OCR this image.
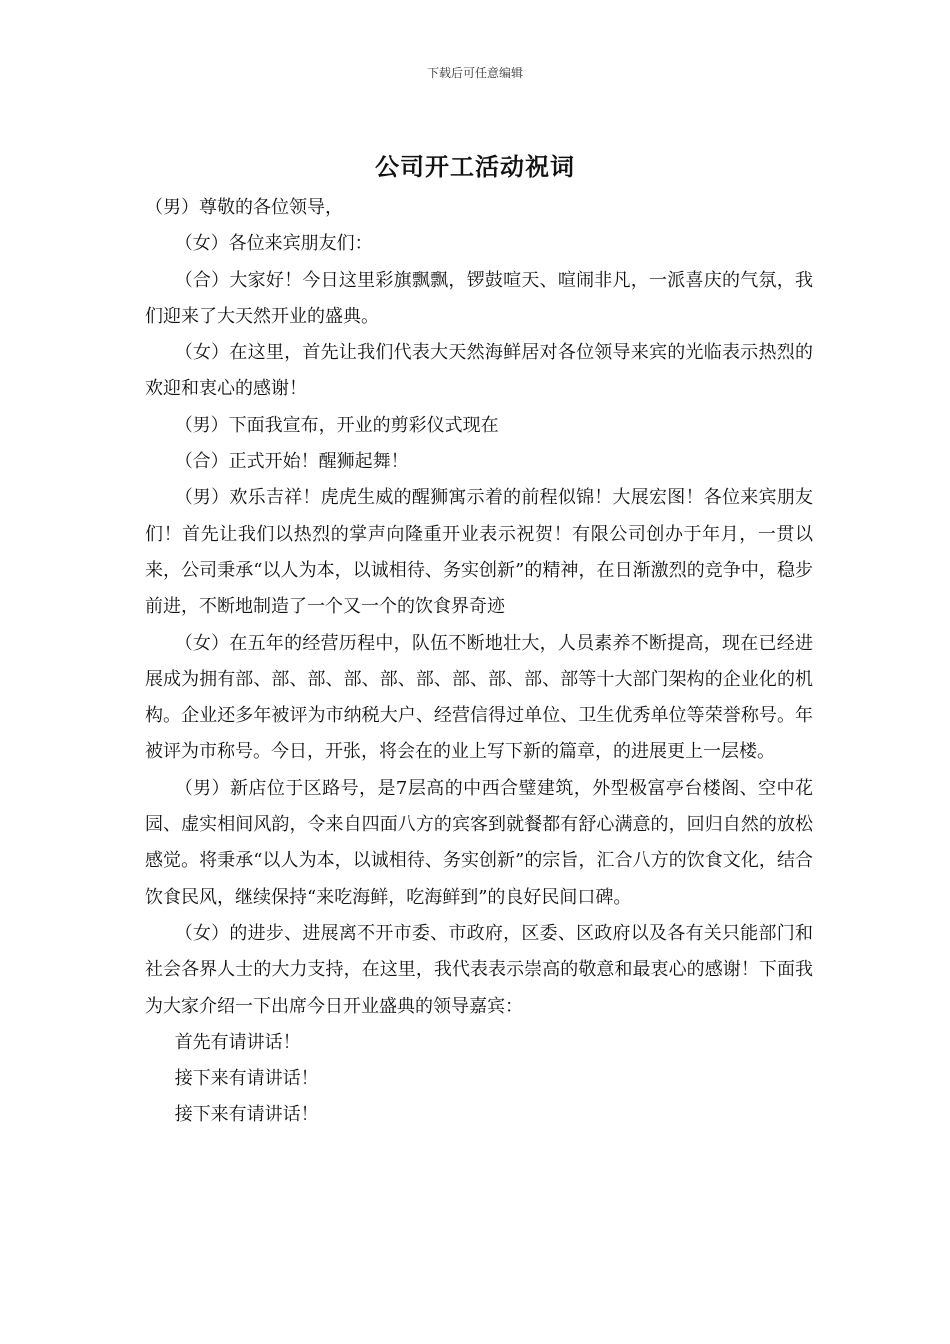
下载后可任意编辑
公司开工活动祝词

（男）尊敬的各位领导，

（女）各位来宾朋友们：

（合）大家好！今日这里彩旗飘飘，锣鼓喧天、喧闹非凡，一派喜庆的气氛，我们迎来了大天然开业的盛典。

（女）在这里，首先让我们代表大天然海鲜居对各位领导来宾的光临表示热烈的欢迎和衷心的感谢！

（男）下面我宣布，开业的剪彩仪式现在

（合）正式开始！醒狮起舞！

（男）欢乐吉祥！虎虎生威的醒狮寓示着的前程似锦！大展宏图！各位来宾朋友们！首先让我们以热烈的掌声向隆重开业表示祝贺！有限公司创办于年月，一贯以来，公司秉承“以人为本，以诚相待、务实创新”的精神，在日渐激烈的竞争中，稳步前进，不断地制造了一个又一个的饮食界奇迹

（女）在五年的经营历程中，队伍不断地壮大，人员素养不断提高，现在已经进展成为拥有部、部、部、部、部、部、部、部、部、部等十大部门架构的企业化的机构。企业还多年被评为市纳税大户、经营信得过单位、卫生优秀单位等荣誉称号。年被评为市称号。今日，开张，将会在的业上写下新的篇章，的进展更上一层楼。

（男）新店位于区路号，是7层高的中西合璧建筑，外型极富亭台楼阁、空中花园、虚实相间风韵，令来自四面八方的宾客到就餐都有舒心满意的，回归自然的放松感觉。将秉承“以人为本，以诚相待、务实创新”的宗旨，汇合八方的饮食文化，结合饮食民风，继续保持“来吃海鲜，吃海鲜到”的良好民间口碑。

（女）的进步、进展离不开市委、市政府，区委、区政府以及各有关只能部门和社会各界人士的大力支持，在这里，我代表表示崇高的敬意和最衷心的感谢！下面我为大家介绍一下出席今日开业盛典的领导嘉宾：

首先有请讲话！

接下来有请讲话！

接下来有请讲话！
